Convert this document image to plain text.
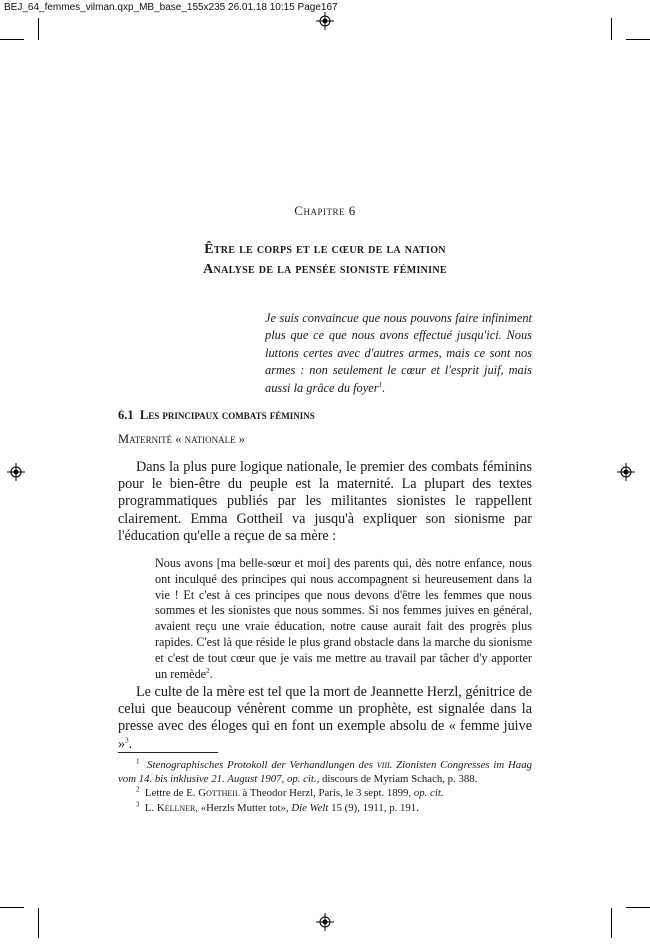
BEJ_64_femmes_vilman.qxp_MB_base_155x235 26.01.18 10:15 Page167
Chapitre 6
Être le corps et le cœur de la nation
Analyse de la pensée sioniste féminine
Je suis convaincue que nous pouvons faire infiniment plus que ce que nous avons effectué jusqu'ici. Nous luttons certes avec d'autres armes, mais ce sont nos armes : non seulement le cœur et l'esprit juif, mais aussi la grâce du foyer$^1$.
6.1 Les principaux combats féminins
Maternité « nationale »
Dans la plus pure logique nationale, le premier des combats féminins pour le bien-être du peuple est la maternité. La plupart des textes programmatiques publiés par les militantes sionistes le rappellent clairement. Emma Gottheil va jusqu'à expliquer son sionisme par l'éducation qu'elle a reçue de sa mère :
Nous avons [ma belle-sœur et moi] des parents qui, dès notre enfance, nous ont inculqué des principes qui nous accompagnent si heureusement dans la vie ! Et c'est à ces principes que nous devons d'être les femmes que nous sommes et les sionistes que nous sommes. Si nos femmes juives en général, avaient reçu une vraie éducation, notre cause aurait fait des progrès plus rapides. C'est là que réside le plus grand obstacle dans la marche du sionisme et c'est de tout cœur que je vais me mettre au travail par tâcher d'y apporter un remède$^2$.
Le culte de la mère est tel que la mort de Jeannette Herzl, génitrice de celui que beaucoup vénèrent comme un prophète, est signalée dans la presse avec des éloges qui en font un exemple absolu de « femme juive »$^3$.
$^1$ Stenographisches Protokoll der Verhandlungen des viii. Zionisten Congresses im Haag vom 14. bis inklusive 21. August 1907, op. cit., discours de Myriam Schach, p. 388.
$^2$ Lettre de E. Gottheil à Theodor Herzl, Paris, le 3 sept. 1899, op. cit.
$^3$ L. Kellner, «Herzls Mutter tot», Die Welt 15 (9), 1911, p. 191.
